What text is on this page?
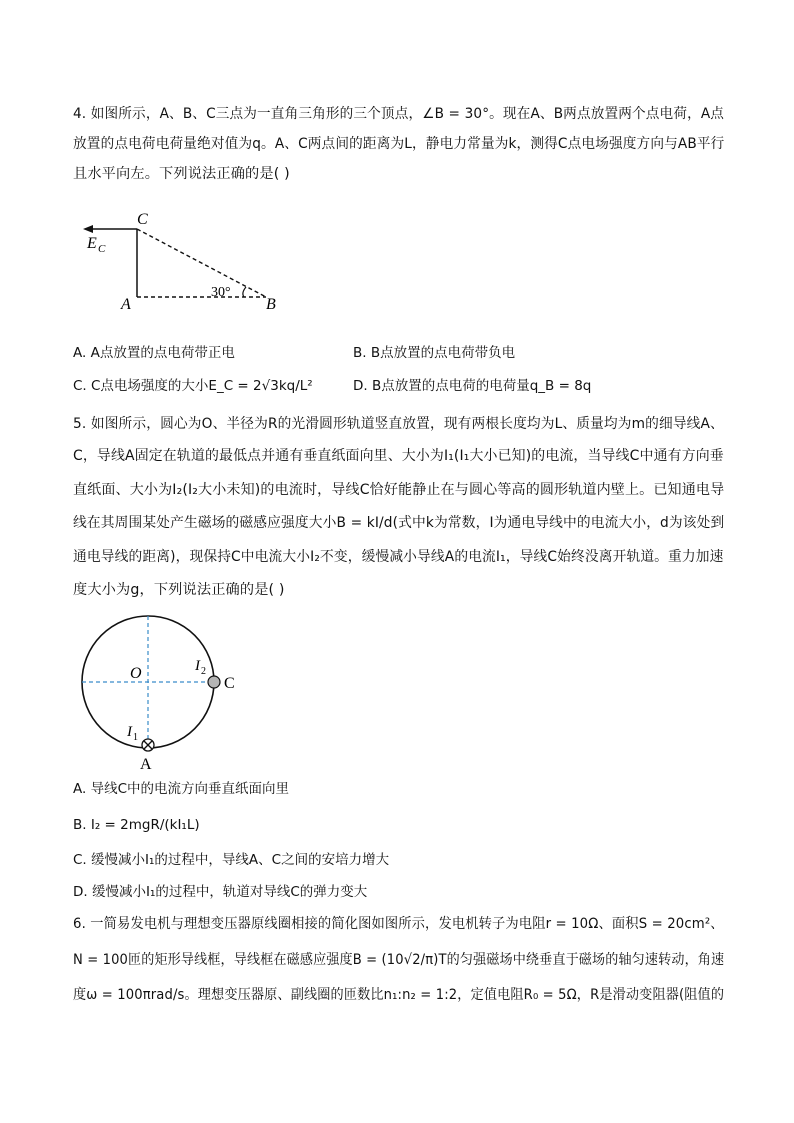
4. 如图所示，A、B、C三点为一直角三角形的三个顶点，∠B = 30°。现在A、B两点放置两个点电荷，A点
放置的点电荷电荷量绝对值为q。A、C两点间的距离为L，静电力常量为k，测得C点电场强度方向与AB平行
且水平向左。下列说法正确的是( )
C
A	B
E C
30°
A. A点放置的点电荷带正电	B. B点放置的点电荷带负电
C. C点电场强度的大小E_C = 2√3kq/L²	D. B点放置的点电荷的电荷量q_B = 8q
5. 如图所示，圆心为O、半径为R的光滑圆形轨道竖直放置，现有两根长度均为L、质量均为m的细导线A、
C，导线A固定在轨道的最低点并通有垂直纸面向里、大小为I₁(I₁大小已知)的电流，当导线C中通有方向垂
直纸面、大小为I₂(I₂大小未知)的电流时，导线C恰好能静止在与圆心等高的圆形轨道内壁上。已知通电导
线在其周围某处产生磁场的磁感应强度大小B = kI/d(式中k为常数，I为通电导线中的电流大小，d为该处到
通电导线的距离)，现保持C中电流大小I₂不变，缓慢减小导线A的电流I₁，导线C始终没离开轨道。重力加速
度大小为g，下列说法正确的是( )
O	I 2
C
I 1
A
A. 导线C中的电流方向垂直纸面向里
B. I₂ = 2mgR/(kI₁L)
C. 缓慢减小I₁的过程中，导线A、C之间的安培力增大
D. 缓慢减小I₁的过程中，轨道对导线C的弹力变大
6. 一简易发电机与理想变压器原线圈相接的简化图如图所示，发电机转子为电阻r = 10Ω、面积S = 20cm²、
N = 100匝的矩形导线框，导线框在磁感应强度B = (10√2/π)T的匀强磁场中绕垂直于磁场的轴匀速转动，角速
度ω = 100πrad/s。理想变压器原、副线圈的匝数比n₁:n₂ = 1:2，定值电阻R₀ = 5Ω，R是滑动变阻器(阻值的
